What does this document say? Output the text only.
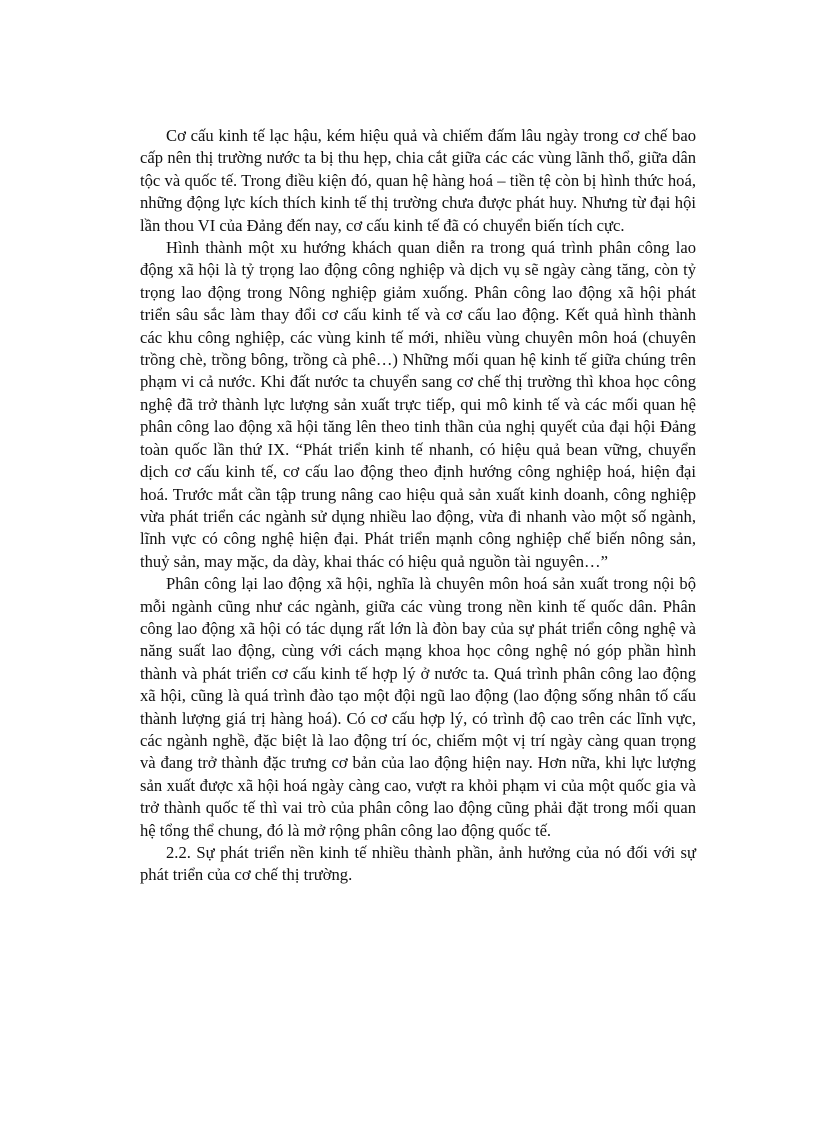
Cơ cấu kinh tế lạc hậu, kém hiệu quả và chiếm đấm lâu ngày trong cơ chế bao cấp nên thị trường nước ta bị thu hẹp, chia cắt giữa các các vùng lãnh thổ, giữa dân tộc và quốc tế. Trong điều kiện đó, quan hệ hàng hoá – tiền tệ còn bị hình thức hoá, những động lực kích thích kinh tế thị trường chưa được phát huy. Nhưng từ đại hội lần thou VI của Đảng đến nay, cơ cấu kinh tế đã có chuyển biến tích cực.

Hình thành một xu hướng khách quan diễn ra trong quá trình phân công lao động xã hội là tỷ trọng lao động công nghiệp và dịch vụ sẽ ngày càng tăng, còn tỷ trọng lao động trong Nông nghiệp giảm xuống. Phân công lao động xã hội phát triển sâu sắc làm thay đổi cơ cấu kinh tế và cơ cấu lao động. Kết quả hình thành các khu công nghiệp, các vùng kinh tế mới, nhiều vùng chuyên môn hoá (chuyên trồng chè, trồng bông, trồng cà phê…) Những mối quan hệ kinh tế giữa chúng trên phạm vi cả nước. Khi đất nước ta chuyển sang cơ chế thị trường thì khoa học công nghệ đã trở thành lực lượng sản xuất trực tiếp, qui mô kinh tế và các mối quan hệ phân công lao động xã hội tăng lên theo tinh thần của nghị quyết của đại hội Đảng toàn quốc lần thứ IX. “Phát triển kinh tế nhanh, có hiệu quả bean vững, chuyển dịch cơ cấu kinh tế, cơ cấu lao động theo định hướng công nghiệp hoá, hiện đại hoá. Trước mắt cần tập trung nâng cao hiệu quả sản xuất kinh doanh, công nghiệp vừa phát triển các ngành sử dụng nhiều lao động, vừa đi nhanh vào một số ngành, lĩnh vực có công nghệ hiện đại. Phát triển mạnh công nghiệp chế biến nông sản, thuỷ sản, may mặc, da dày, khai thác có hiệu quả nguồn tài nguyên…”

Phân công lại lao động xã hội, nghĩa là chuyên môn hoá sản xuất trong nội bộ mỗi ngành cũng như các ngành, giữa các vùng trong nền kinh tế quốc dân. Phân công lao động xã hội có tác dụng rất lớn là đòn bay của sự phát triển công nghệ và năng suất lao động, cùng với cách mạng khoa học công nghệ nó góp phần hình thành và phát triển cơ cấu kinh tế hợp lý ở nước ta. Quá trình phân công lao động xã hội, cũng là quá trình đào tạo một đội ngũ lao động (lao động sống nhân tố cấu thành lượng giá trị hàng hoá). Có cơ cấu hợp lý, có trình độ cao trên các lĩnh vực, các ngành nghề, đặc biệt là lao động trí óc, chiếm một vị trí ngày càng quan trọng và đang trở thành đặc trưng cơ bản của lao động hiện nay. Hơn nữa, khi lực lượng sản xuất được xã hội hoá ngày càng cao, vượt ra khỏi phạm vi của một quốc gia và trở thành quốc tế thì vai trò của phân công lao động cũng phải đặt trong mối quan hệ tổng thể chung, đó là mở rộng phân công lao động quốc tế.

2.2. Sự phát triển nền kinh tế nhiều thành phần, ảnh hưởng của nó đối với sự phát triển của cơ chế thị trường.
